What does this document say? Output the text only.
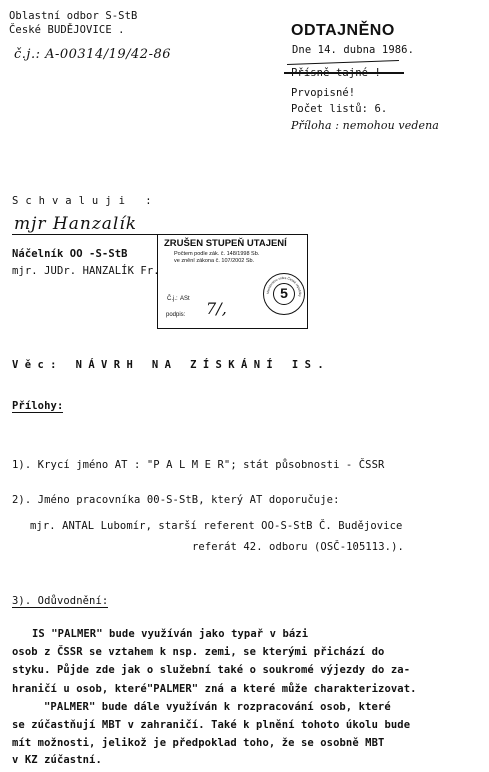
Oblastní odbor S-StB
České BUDĚJOVICE .
č.j.: A-00314/19/42-86
ODTAJNĚNO
Dne 14. dubna 1986.
Prvopisné!
Počet listů: 6.
Příloha : nemohou vedena
Schvaluji :
mjr Hanzalík
Náčelník OO -S-StB
mjr. JUDr. HANZALÍK Fr.
ZRUŠEN STUPEŇ UTAJENÍ
Počtem podle zák. č. 148/1998 Sb.
ve znění zákona č. 107/2002 Sb.
Č.j.: ASt
podpis: 7/,
5
Ministerstvo vnitra České republiky
Věc: NÁVRH NA ZÍSKÁNÍ IS.
Přílohy:
1). Krycí jméno AT : "P A L M E R"; stát působnosti - ČSSR
2). Jméno pracovníka 00-S-StB, který AT doporučuje:
mjr. ANTAL Lubomír, starší referent OO-S-StB Č. Budějovice
referát 42. odboru (OSČ-105113.).
3). Odůvodnění:
IS "PALMER" bude využíván jako typař v bázi
osob z ČSSR se vztahem k nsp. zemi, se kterými přichází do
styku. Půjde zde jak o služební také o soukromé výjezdy do za-
hraničí u osob, které"PALMER" zná a které může charakterizovat.
"PALMER" bude dále využíván k rozpracování osob, které
se zúčastňují MBT v zahraničí. Také k plnění tohoto úkolu bude
mít možnosti, jelikož je předpoklad toho, že se osobně MBT
v KZ zúčastní.
